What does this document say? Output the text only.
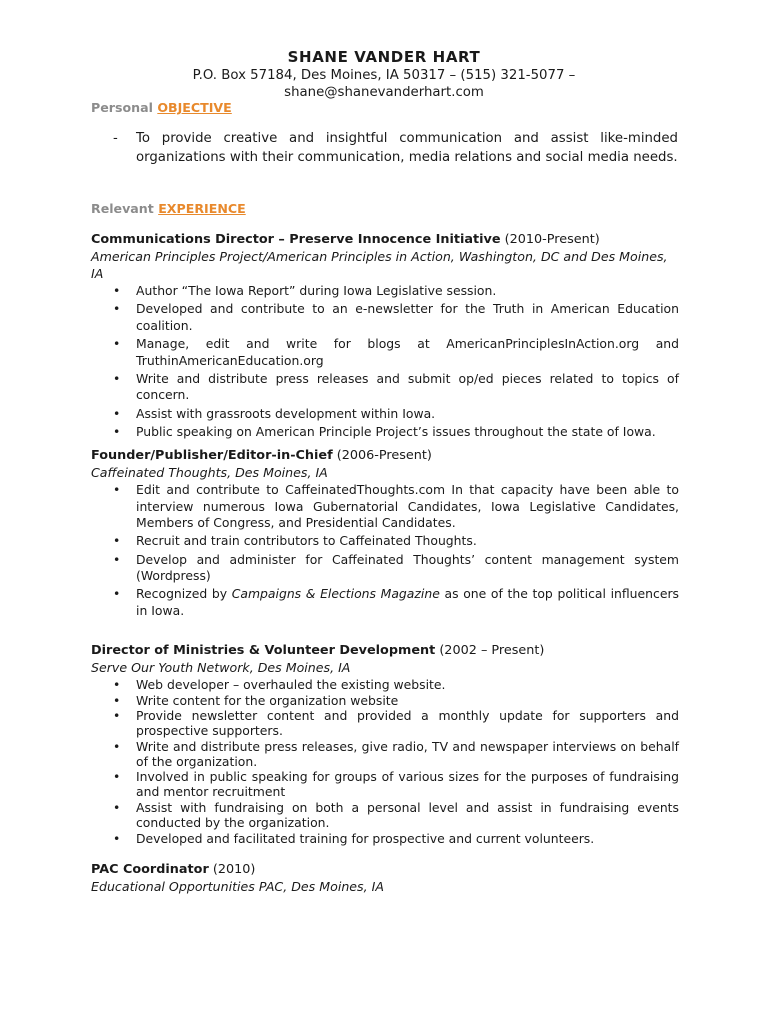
SHANE VANDER HART
P.O. Box 57184, Des Moines, IA 50317 – (515) 321-5077 –
shane@shanevanderhart.com
Personal OBJECTIVE
- To provide creative and insightful communication and assist like-minded organizations with their communication, media relations and social media needs.
Relevant EXPERIENCE
Communications Director – Preserve Innocence Initiative (2010-Present)
American Principles Project/American Principles in Action, Washington, DC and Des Moines, IA
• Author “The Iowa Report” during Iowa Legislative session.
• Developed and contribute to an e-newsletter for the Truth in American Education coalition.
• Manage, edit and write for blogs at AmericanPrinciplesInAction.org and TruthinAmericanEducation.org
• Write and distribute press releases and submit op/ed pieces related to topics of concern.
• Assist with grassroots development within Iowa.
• Public speaking on American Principle Project’s issues throughout the state of Iowa.
Founder/Publisher/Editor-in-Chief (2006-Present)
Caffeinated Thoughts, Des Moines, IA
• Edit and contribute to CaffeinatedThoughts.com In that capacity have been able to interview numerous Iowa Gubernatorial Candidates, Iowa Legislative Candidates, Members of Congress, and Presidential Candidates.
• Recruit and train contributors to Caffeinated Thoughts.
• Develop and administer for Caffeinated Thoughts’ content management system (Wordpress)
• Recognized by Campaigns & Elections Magazine as one of the top political influencers in Iowa.
Director of Ministries & Volunteer Development (2002 – Present)
Serve Our Youth Network, Des Moines, IA
• Web developer – overhauled the existing website.
• Write content for the organization website
• Provide newsletter content and provided a monthly update for supporters and prospective supporters.
• Write and distribute press releases, give radio, TV and newspaper interviews on behalf of the organization.
• Involved in public speaking for groups of various sizes for the purposes of fundraising and mentor recruitment
• Assist with fundraising on both a personal level and assist in fundraising events conducted by the organization.
• Developed and facilitated training for prospective and current volunteers.
PAC Coordinator (2010)
Educational Opportunities PAC, Des Moines, IA
